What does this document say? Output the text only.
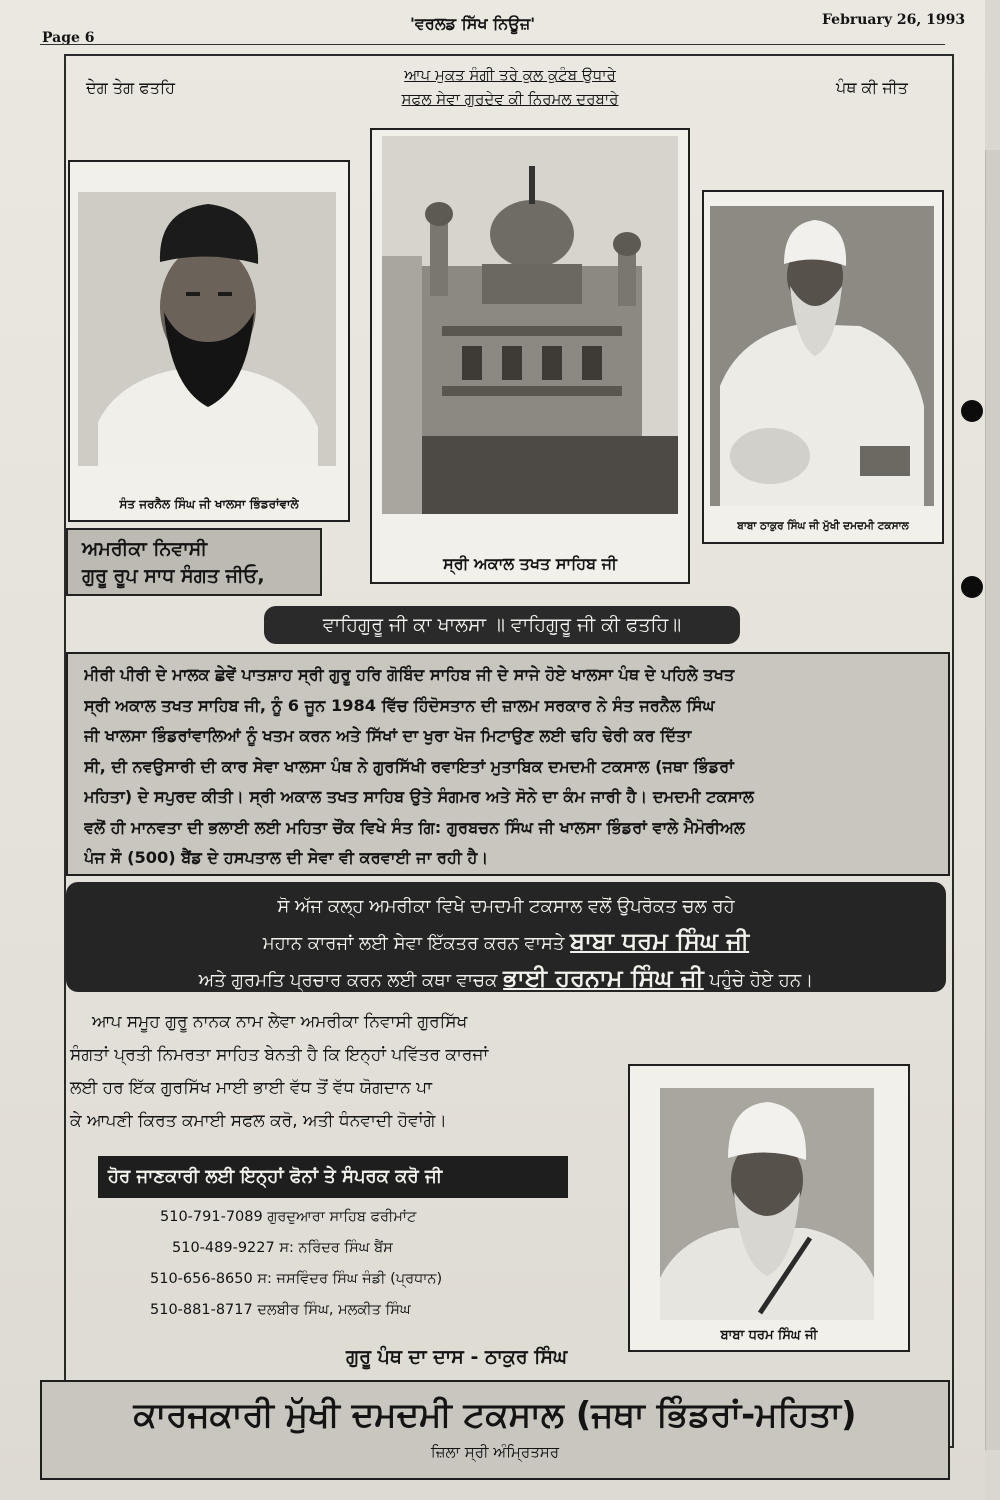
Page 6
'ਵਰਲਡ ਸਿੱਖ ਨਿਊਜ਼'	February 26, 1993
ਦੇਗ ਤੇਗ ਫਤਹਿ	ਪੰਥ ਕੀ ਜੀਤ
ਆਪ ਮੁਕਤ ਸੰਗੀ ਤਰੇ ਕੁਲ ਕੁਟੰਬ ਉਧਾਰੇ
ਸਫਲ ਸੇਵਾ ਗੁਰਦੇਵ ਕੀ ਨਿਰਮਲ ਦਰਬਾਰੇ
ਸੰਤ ਜਰਨੈਲ ਸਿੰਘ ਜੀ ਖਾਲਸਾ ਭਿੰਡਰਾਂਵਾਲੇ
ਸ੍ਰੀ ਅਕਾਲ ਤਖਤ ਸਾਹਿਬ ਜੀ
ਬਾਬਾ ਠਾਕੁਰ ਸਿੰਘ ਜੀ ਮੁੱਖੀ ਦਮਦਮੀ ਟਕਸਾਲ
ਅਮਰੀਕਾ ਨਿਵਾਸੀ
ਗੁਰੂ ਰੂਪ ਸਾਧ ਸੰਗਤ ਜੀਓ,
ਵਾਹਿਗੁਰੂ ਜੀ ਕਾ ਖਾਲਸਾ ॥ ਵਾਹਿਗੁਰੂ ਜੀ ਕੀ ਫਤਹਿ॥
ਮੀਰੀ ਪੀਰੀ ਦੇ ਮਾਲਕ ਛੇਵੇਂ ਪਾਤਸ਼ਾਹ ਸ੍ਰੀ ਗੁਰੂ ਹਰਿ ਗੋਬਿੰਦ ਸਾਹਿਬ ਜੀ ਦੇ ਸਾਜੇ ਹੋਏ ਖਾਲਸਾ ਪੰਥ ਦੇ ਪਹਿਲੇ ਤਖਤ
ਸ੍ਰੀ ਅਕਾਲ ਤਖਤ ਸਾਹਿਬ ਜੀ, ਨੂੰ 6 ਜੂਨ 1984 ਵਿੱਚ ਹਿੰਦੋਸਤਾਨ ਦੀ ਜ਼ਾਲਮ ਸਰਕਾਰ ਨੇ ਸੰਤ ਜਰਨੈਲ ਸਿੰਘ
ਜੀ ਖਾਲਸਾ ਭਿੰਡਰਾਂਵਾਲਿਆਂ ਨੂੰ ਖਤਮ ਕਰਨ ਅਤੇ ਸਿੱਖਾਂ ਦਾ ਖੁਰਾ ਖੋਜ ਮਿਟਾਉਣ ਲਈ ਢਹਿ ਢੇਰੀ ਕਰ ਦਿੱਤਾ
ਸੀ, ਦੀ ਨਵਉਸਾਰੀ ਦੀ ਕਾਰ ਸੇਵਾ ਖਾਲਸਾ ਪੰਥ ਨੇ ਗੁਰਸਿੱਖੀ ਰਵਾਇਤਾਂ ਮੁਤਾਬਿਕ ਦਮਦਮੀ ਟਕਸਾਲ (ਜਥਾ ਭਿੰਡਰਾਂ
ਮਹਿਤਾ) ਦੇ ਸਪੁਰਦ ਕੀਤੀ। ਸ੍ਰੀ ਅਕਾਲ ਤਖਤ ਸਾਹਿਬ ਉਤੇ ਸੰਗਮਰ ਅਤੇ ਸੋਨੇ ਦਾ ਕੰਮ ਜਾਰੀ ਹੈ। ਦਮਦਮੀ ਟਕਸਾਲ
ਵਲੋਂ ਹੀ ਮਾਨਵਤਾ ਦੀ ਭਲਾਈ ਲਈ ਮਹਿਤਾ ਚੌਂਕ ਵਿਖੇ ਸੰਤ ਗਿ: ਗੁਰਬਚਨ ਸਿੰਘ ਜੀ ਖਾਲਸਾ ਭਿੰਡਰਾਂ ਵਾਲੇ ਮੈਮੋਰੀਅਲ
ਪੰਜ ਸੌ (500) ਬੈਂਡ ਦੇ ਹਸਪਤਾਲ ਦੀ ਸੇਵਾ ਵੀ ਕਰਵਾਈ ਜਾ ਰਹੀ ਹੈ।
ਸੋ ਅੱਜ ਕਲ੍ਹ ਅਮਰੀਕਾ ਵਿਖੇ ਦਮਦਮੀ ਟਕਸਾਲ ਵਲੋਂ ਉਪਰੋਕਤ ਚਲ ਰਹੇ
ਮਹਾਨ ਕਾਰਜਾਂ ਲਈ ਸੇਵਾ ਇੱਕਤਰ ਕਰਨ ਵਾਸਤੇ ਬਾਬਾ ਧਰਮ ਸਿੰਘ ਜੀ
ਅਤੇ ਗੁਰਮਤਿ ਪ੍ਰਚਾਰ ਕਰਨ ਲਈ ਕਥਾ ਵਾਚਕ ਭਾਈ ਹਰਨਾਮ ਸਿੰਘ ਜੀ ਪਹੁੰਚੇ ਹੋਏ ਹਨ।
ਆਪ ਸਮੂਹ ਗੁਰੂ ਨਾਨਕ ਨਾਮ ਲੇਵਾ ਅਮਰੀਕਾ ਨਿਵਾਸੀ ਗੁਰਸਿੱਖ
ਸੰਗਤਾਂ ਪ੍ਰਤੀ ਨਿਮਰਤਾ ਸਾਹਿਤ ਬੇਨਤੀ ਹੈ ਕਿ ਇਨ੍ਹਾਂ ਪਵਿੱਤਰ ਕਾਰਜਾਂ
ਲਈ ਹਰ ਇੱਕ ਗੁਰਸਿੱਖ ਮਾਈ ਭਾਈ ਵੱਧ ਤੋਂ ਵੱਧ ਯੋਗਦਾਨ ਪਾ
ਕੇ ਆਪਣੀ ਕਿਰਤ ਕਮਾਈ ਸਫਲ ਕਰੋ, ਅਤੀ ਧੰਨਵਾਦੀ ਹੋਵਾਂਗੇ।
ਹੋਰ ਜਾਣਕਾਰੀ ਲਈ ਇਨ੍ਹਾਂ ਫੋਨਾਂ ਤੇ ਸੰਪਰਕ ਕਰੋ ਜੀ
510-791-7089 ਗੁਰਦੁਆਰਾ ਸਾਹਿਬ ਫਰੀਮਾਂਟ
510-489-9227 ਸ: ਨਰਿੰਦਰ ਸਿੰਘ ਬੈਂਸ
510-656-8650 ਸ: ਜਸਵਿੰਦਰ ਸਿੰਘ ਜੰਡੀ (ਪ੍ਰਧਾਨ)
510-881-8717 ਦਲਬੀਰ ਸਿੰਘ, ਮਲਕੀਤ ਸਿੰਘ
ਬਾਬਾ ਧਰਮ ਸਿੰਘ ਜੀ
ਗੁਰੂ ਪੰਥ ਦਾ ਦਾਸ - ਠਾਕੁਰ ਸਿੰਘ
ਕਾਰਜਕਾਰੀ ਮੁੱਖੀ ਦਮਦਮੀ ਟਕਸਾਲ (ਜਥਾ ਭਿੰਡਰਾਂ-ਮਹਿਤਾ)
ਜ਼ਿਲਾ ਸ੍ਰੀ ਅੰਮ੍ਰਿਤਸਰ
